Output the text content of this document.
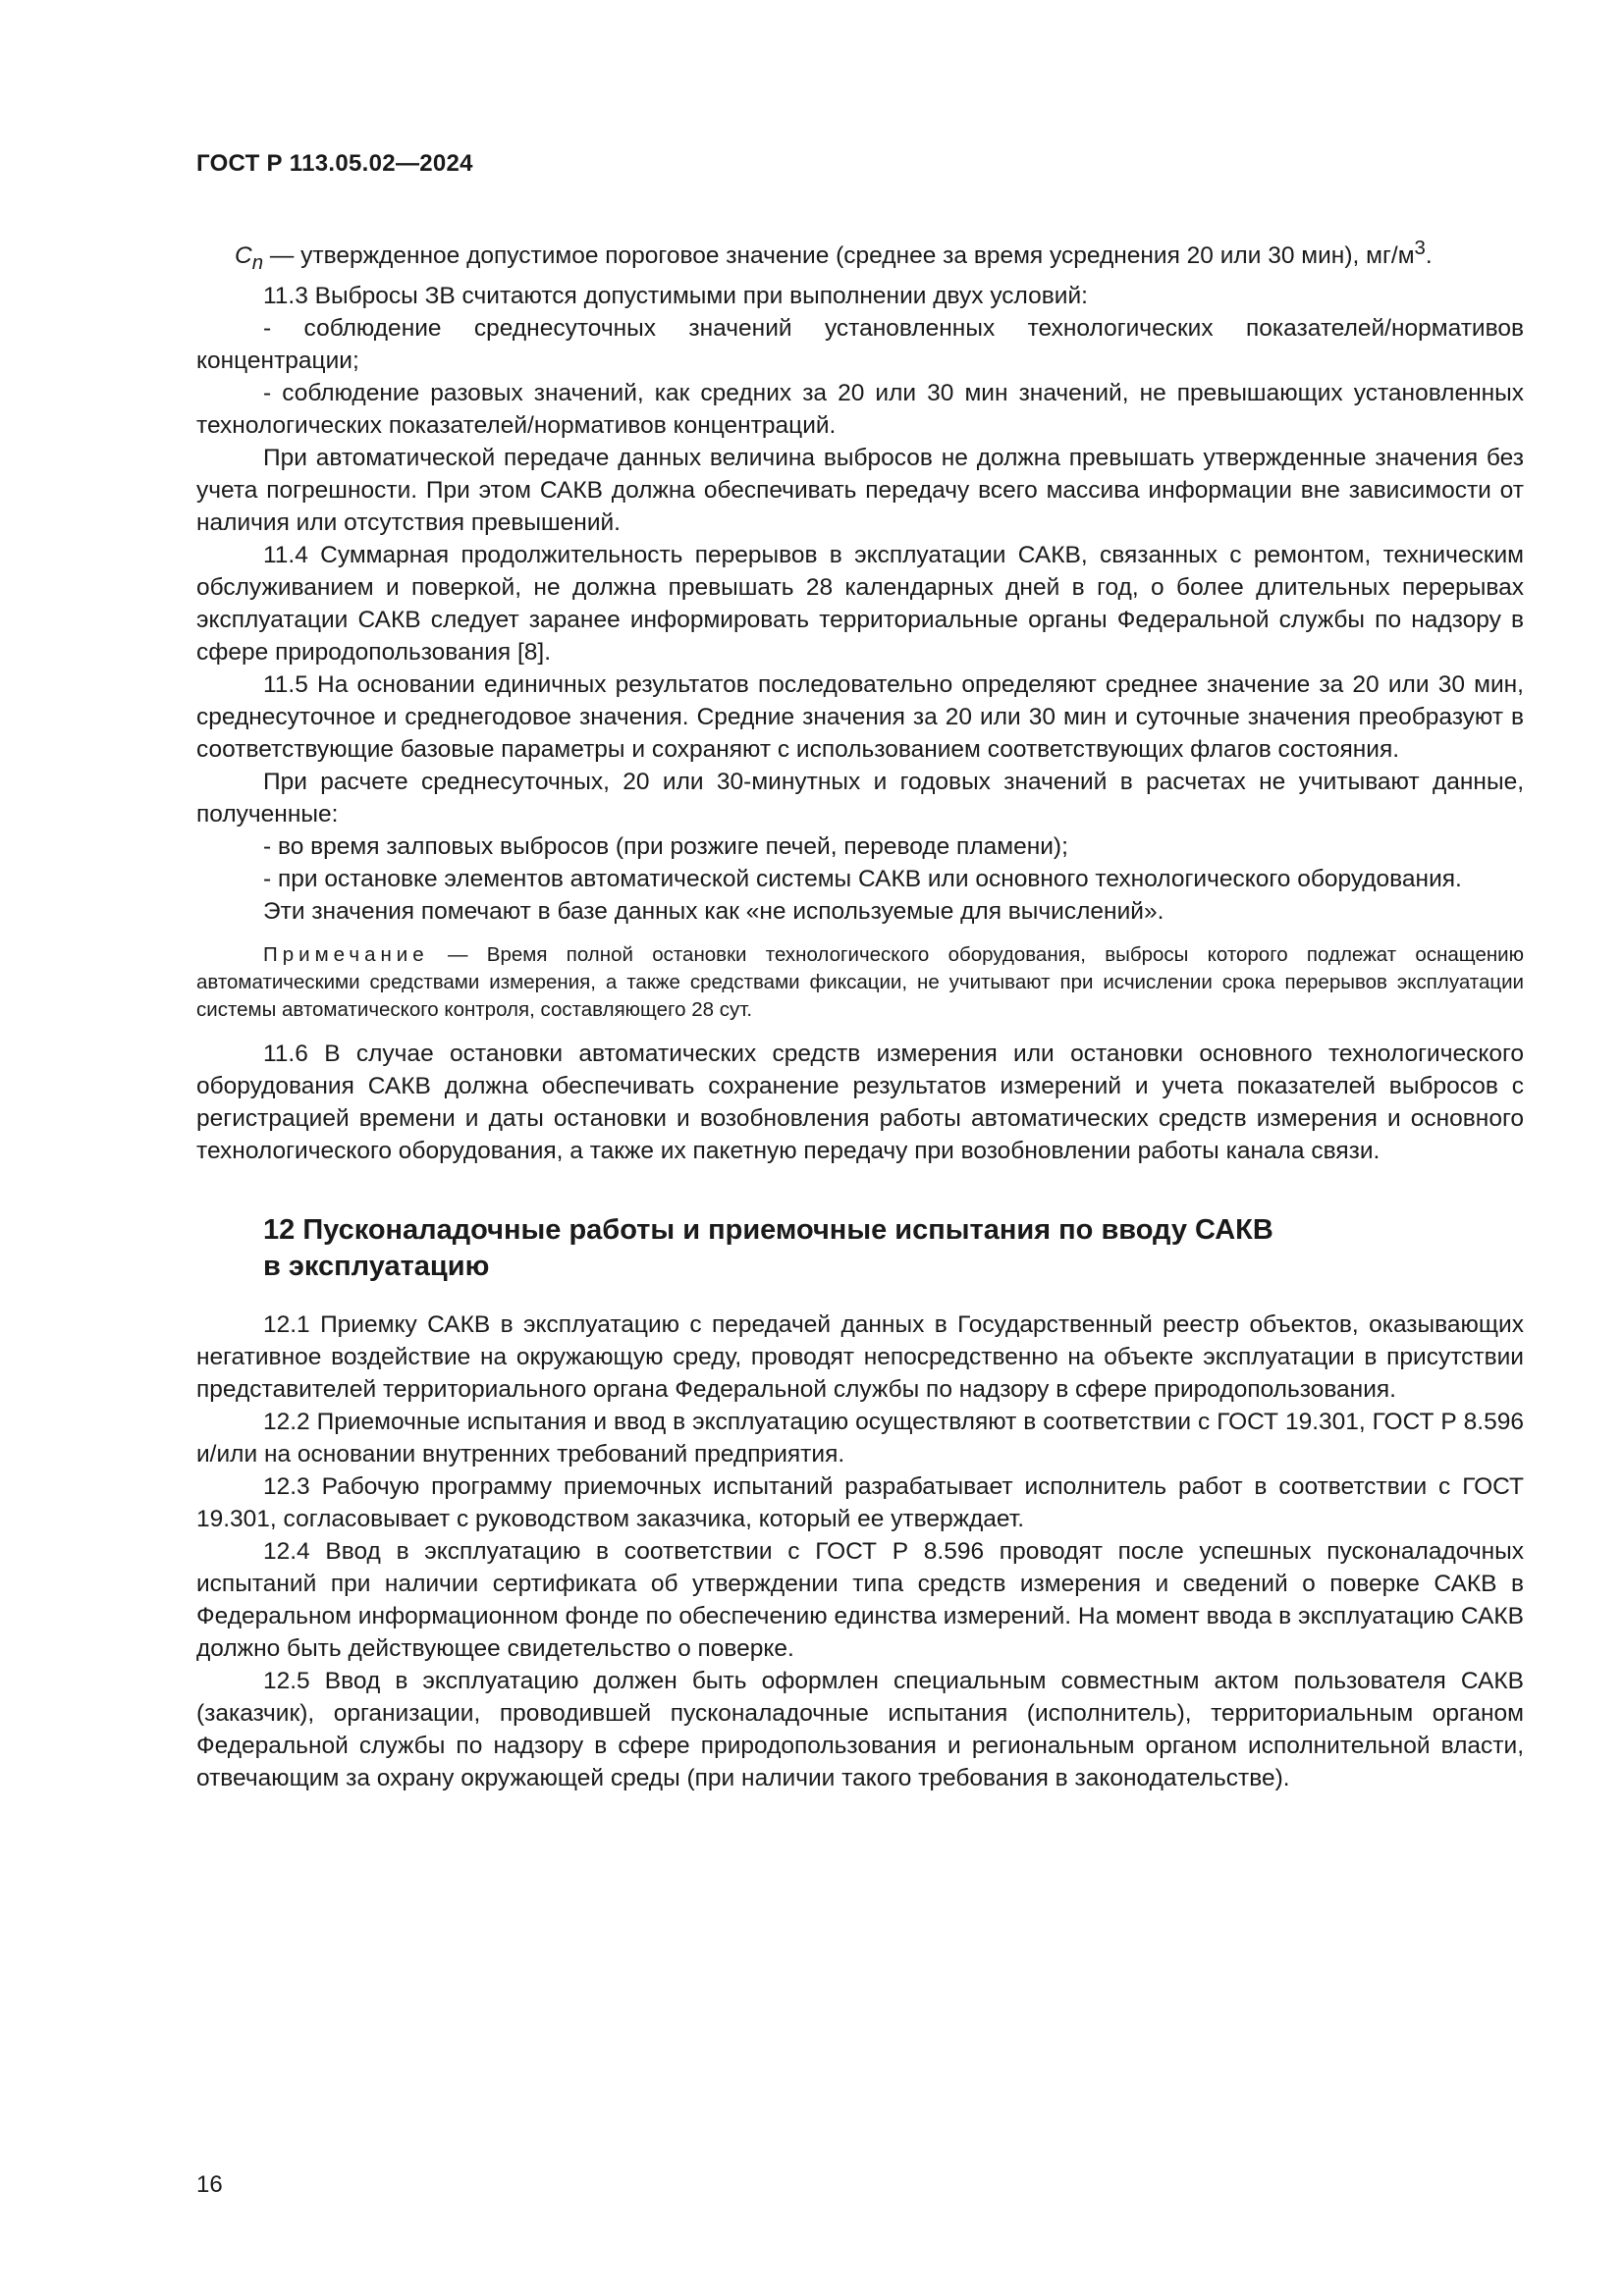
ГОСТ Р 113.05.02—2024

$C_n$ — утвержденное допустимое пороговое значение (среднее за время усреднения 20 или 30 мин), $мг/м^3$.

11.3 Выбросы ЗВ считаются допустимыми при выполнении двух условий:

- соблюдение среднесуточных значений установленных технологических показателей/нормативов концентрации;

- соблюдение разовых значений, как средних за 20 или 30 мин значений, не превышающих установленных технологических показателей/нормативов концентраций.

При автоматической передаче данных величина выбросов не должна превышать утвержденные значения без учета погрешности. При этом САКВ должна обеспечивать передачу всего массива информации вне зависимости от наличия или отсутствия превышений.

11.4 Суммарная продолжительность перерывов в эксплуатации САКВ, связанных с ремонтом, техническим обслуживанием и поверкой, не должна превышать 28 календарных дней в год, о более длительных перерывах эксплуатации САКВ следует заранее информировать территориальные органы Федеральной службы по надзору в сфере природопользования [8].

11.5 На основании единичных результатов последовательно определяют среднее значение за 20 или 30 мин, среднесуточное и среднегодовое значения. Средние значения за 20 или 30 мин и суточные значения преобразуют в соответствующие базовые параметры и сохраняют с использованием соответствующих флагов состояния.

При расчете среднесуточных, 20 или 30-минутных и годовых значений в расчетах не учитывают данные, полученные:

- во время залповых выбросов (при розжиге печей, переводе пламени);

- при остановке элементов автоматической системы САКВ или основного технологического оборудования.

Эти значения помечают в базе данных как «не используемые для вычислений».

Примечание — Время полной остановки технологического оборудования, выбросы которого подлежат оснащению автоматическими средствами измерения, а также средствами фиксации, не учитывают при исчислении срока перерывов эксплуатации системы автоматического контроля, составляющего 28 сут.

11.6 В случае остановки автоматических средств измерения или остановки основного технологического оборудования САКВ должна обеспечивать сохранение результатов измерений и учета показателей выбросов с регистрацией времени и даты остановки и возобновления работы автоматических средств измерения и основного технологического оборудования, а также их пакетную передачу при возобновлении работы канала связи.

12 Пусконаладочные работы и приемочные испытания по вводу САКВ
в эксплуатацию

12.1 Приемку САКВ в эксплуатацию с передачей данных в Государственный реестр объектов, оказывающих негативное воздействие на окружающую среду, проводят непосредственно на объекте эксплуатации в присутствии представителей территориального органа Федеральной службы по надзору в сфере природопользования.

12.2 Приемочные испытания и ввод в эксплуатацию осуществляют в соответствии с ГОСТ 19.301, ГОСТ Р 8.596 и/или на основании внутренних требований предприятия.

12.3 Рабочую программу приемочных испытаний разрабатывает исполнитель работ в соответствии с ГОСТ 19.301, согласовывает с руководством заказчика, который ее утверждает.

12.4 Ввод в эксплуатацию в соответствии с ГОСТ Р 8.596 проводят после успешных пусконаладочных испытаний при наличии сертификата об утверждении типа средств измерения и сведений о поверке САКВ в Федеральном информационном фонде по обеспечению единства измерений. На момент ввода в эксплуатацию САКВ должно быть действующее свидетельство о поверке.

12.5 Ввод в эксплуатацию должен быть оформлен специальным совместным актом пользователя САКВ (заказчик), организации, проводившей пусконаладочные испытания (исполнитель), территориальным органом Федеральной службы по надзору в сфере природопользования и региональным органом исполнительной власти, отвечающим за охрану окружающей среды (при наличии такого требования в законодательстве).

16
